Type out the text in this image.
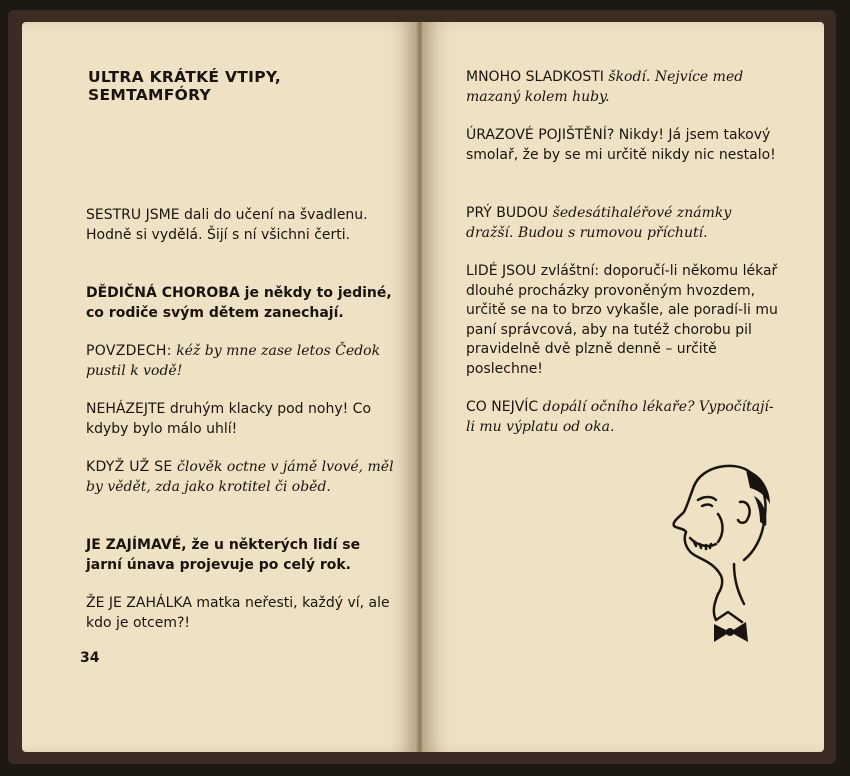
ULTRA KRÁTKÉ VTIPY, SEMTAMFÓRY

SESTRU JSME dali do učení na švadlenu. Hodně si vydělá. Šijí s ní všichni čerti.

DĚDIČNÁ CHOROBA je někdy to jediné, co rodiče svým dětem zanechají.

POVZDECH: kéž by mne zase letos Čedok pustil k vodě!

NEHÁZEJTE druhým klacky pod nohy! Co kdyby bylo málo uhlí!

KDYŽ UŽ SE člověk octne v jámě lvové, měl by vědět, zda jako krotitel či oběd.

JE ZAJÍMAVÉ, že u některých lidí se jarní únava projevuje po celý rok.

ŽE JE ZAHÁLKA matka neřesti, každý ví, ale kdo je otcem?!

34

MNOHO SLADKOSTI škodí. Nejvíce med mazaný kolem huby.

ÚRAZOVÉ POJIŠTĚNÍ? Nikdy! Já jsem takový smolař, že by se mi určitě nikdy nic nestalo!

PRÝ BUDOU šedesátihaléřové známky dražší. Budou s rumovou příchutí.

LIDÉ JSOU zvláštní: doporučí-li někomu lékař dlouhé procházky provoněným hvozdem, určitě se na to brzo vykašle, ale poradí-li mu paní správcová, aby na tutéž chorobu pil pravidelně dvě plzně denně – určitě poslechne!

CO NEJVÍC dopálí očního lékaře? Vypočítají-li mu výplatu od oka.
